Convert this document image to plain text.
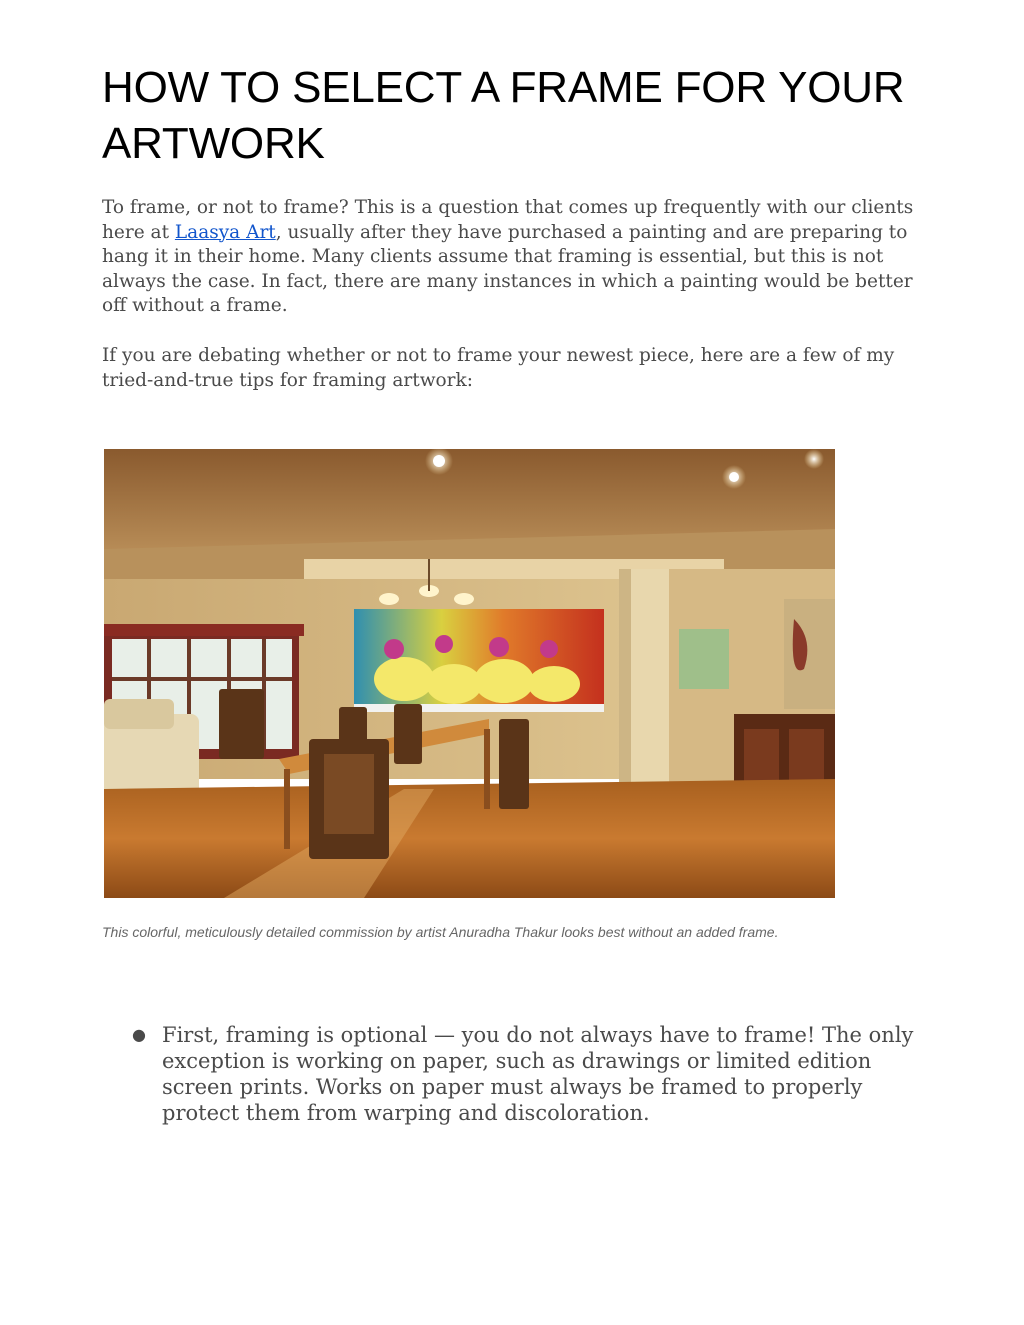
HOW TO SELECT A FRAME FOR YOUR ARTWORK

To frame, or not to frame? This is a question that comes up frequently with our clients here at Laasya Art, usually after they have purchased a painting and are preparing to hang it in their home. Many clients assume that framing is essential, but this is not always the case. In fact, there are many instances in which a painting would be better off without a frame.

If you are debating whether or not to frame your newest piece, here are a few of my tried-and-true tips for framing artwork:

This colorful, meticulously detailed commission by artist Anuradha Thakur looks best without an added frame.

● First, framing is optional — you do not always have to frame! The only exception is working on paper, such as drawings or limited edition screen prints. Works on paper must always be framed to properly protect them from warping and discoloration.
